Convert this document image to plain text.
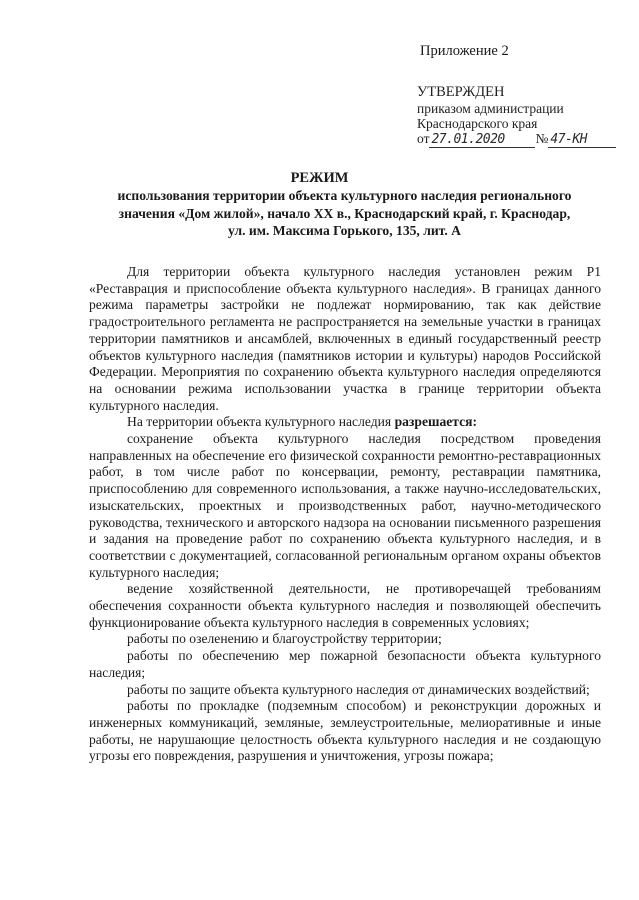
Приложение 2
УТВЕРЖДЕН
приказом администрации
Краснодарского края
от 27.01.2020	№ 47-КН
РЕЖИМ
использования территории объекта культурного наследия регионального
значения «Дом жилой», начало XX в., Краснодарский край, г. Краснодар,
ул. им. Максима Горького, 135, лит. А

Для территории объекта культурного наследия установлен режим Р1 «Реставрация и приспособление объекта культурного наследия». В границах данного режима параметры застройки не подлежат нормированию, так как действие градостроительного регламента не распространяется на земельные участки в границах территории памятников и ансамблей, включенных в единый государственный реестр объектов культурного наследия (памятников истории и культуры) народов Российской Федерации. Мероприятия по сохранению объекта культурного наследия определяются на основании режима использовании участка в границе территории объекта культурного наследия.

На территории объекта культурного наследия разрешается:

сохранение объекта культурного наследия посредством проведения направленных на обеспечение его физической сохранности ремонтно-реставрационных работ, в том числе работ по консервации, ремонту, реставрации памятника, приспособлению для современного использования, а также научно-исследовательских, изыскательских, проектных и производственных работ, научно-методического руководства, технического и авторского надзора на основании письменного разрешения и задания на проведение работ по сохранению объекта культурного наследия, и в соответствии с документацией, согласованной региональным органом охраны объектов культурного наследия;

ведение хозяйственной деятельности, не противоречащей требованиям обеспечения сохранности объекта культурного наследия и позволяющей обеспечить функционирование объекта культурного наследия в современных условиях;

работы по озеленению и благоустройству территории;

работы по обеспечению мер пожарной безопасности объекта культурного наследия;

работы по защите объекта культурного наследия от динамических воздействий;

работы по прокладке (подземным способом) и реконструкции дорожных и инженерных коммуникаций, земляные, землеустроительные, мелиоративные и иные работы, не нарушающие целостность объекта культурного наследия и не создающую угрозы его повреждения, разрушения и уничтожения, угрозы пожара;
